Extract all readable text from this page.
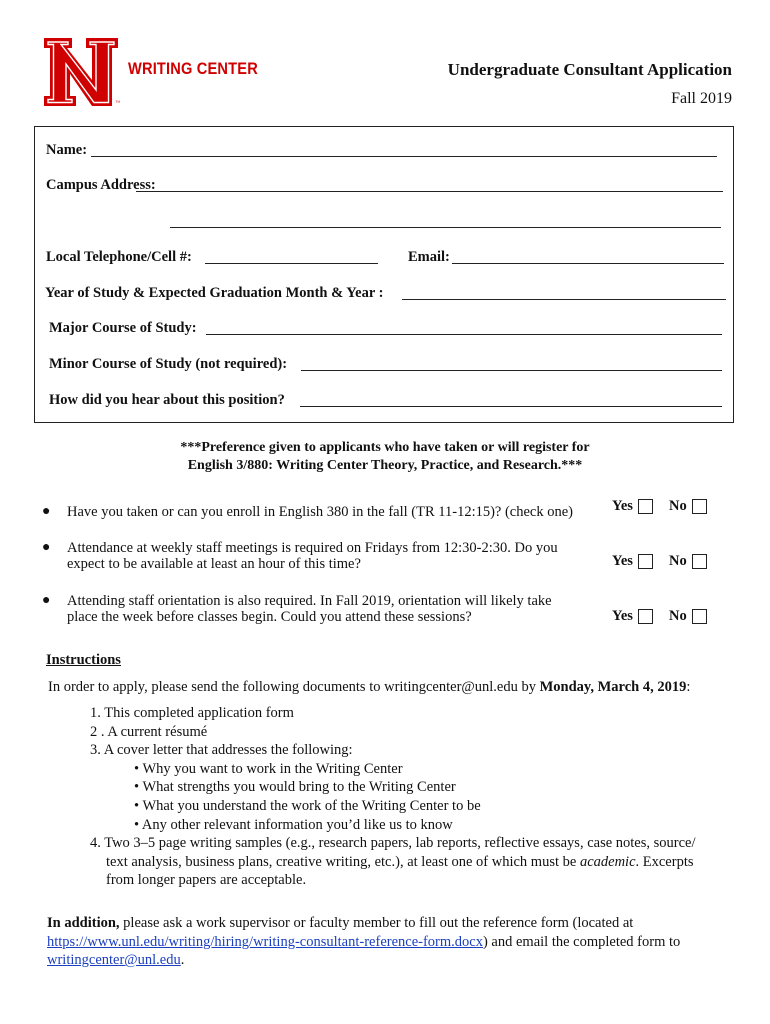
™
WRITING CENTER	Undergraduate Consultant Application
Fall 2019
Name:
Campus Address:
Local Telephone/Cell #:	Email:
Year of Study & Expected Graduation Month & Year :
Major Course of Study:
Minor Course of Study (not required):
How did you hear about this position?
***Preference given to applicants who have taken or will register for
English 3/880: Writing Center Theory, Practice, and Research.***
● Have you taken or can you enroll in English 380 in the fall (TR 11-12:15)? (check one)	Yes No
● Attendance at weekly staff meetings is required on Fridays from 12:30-2:30. Do you
expect to be available at least an hour of this time?	Yes No
● Attending staff orientation is also required. In Fall 2019, orientation will likely take
place the week before classes begin. Could you attend these sessions?	Yes No
Instructions
In order to apply, please send the following documents to writingcenter@unl.edu by Monday, March 4, 2019:
1. This completed application form
2 . A current résumé
3. A cover letter that addresses the following:
• Why you want to work in the Writing Center
• What strengths you would bring to the Writing Center
• What you understand the work of the Writing Center to be
• Any other relevant information you’d like us to know
4. Two 3–5 page writing samples (e.g., research papers, lab reports, reflective essays, case notes, source/
text analysis, business plans, creative writing, etc.), at least one of which must be academic. Excerpts
from longer papers are acceptable.
In addition, please ask a work supervisor or faculty member to fill out the reference form (located at https://www.unl.edu/writing/hiring/writing-consultant-reference-form.docx) and email the completed form to writingcenter@unl.edu.
